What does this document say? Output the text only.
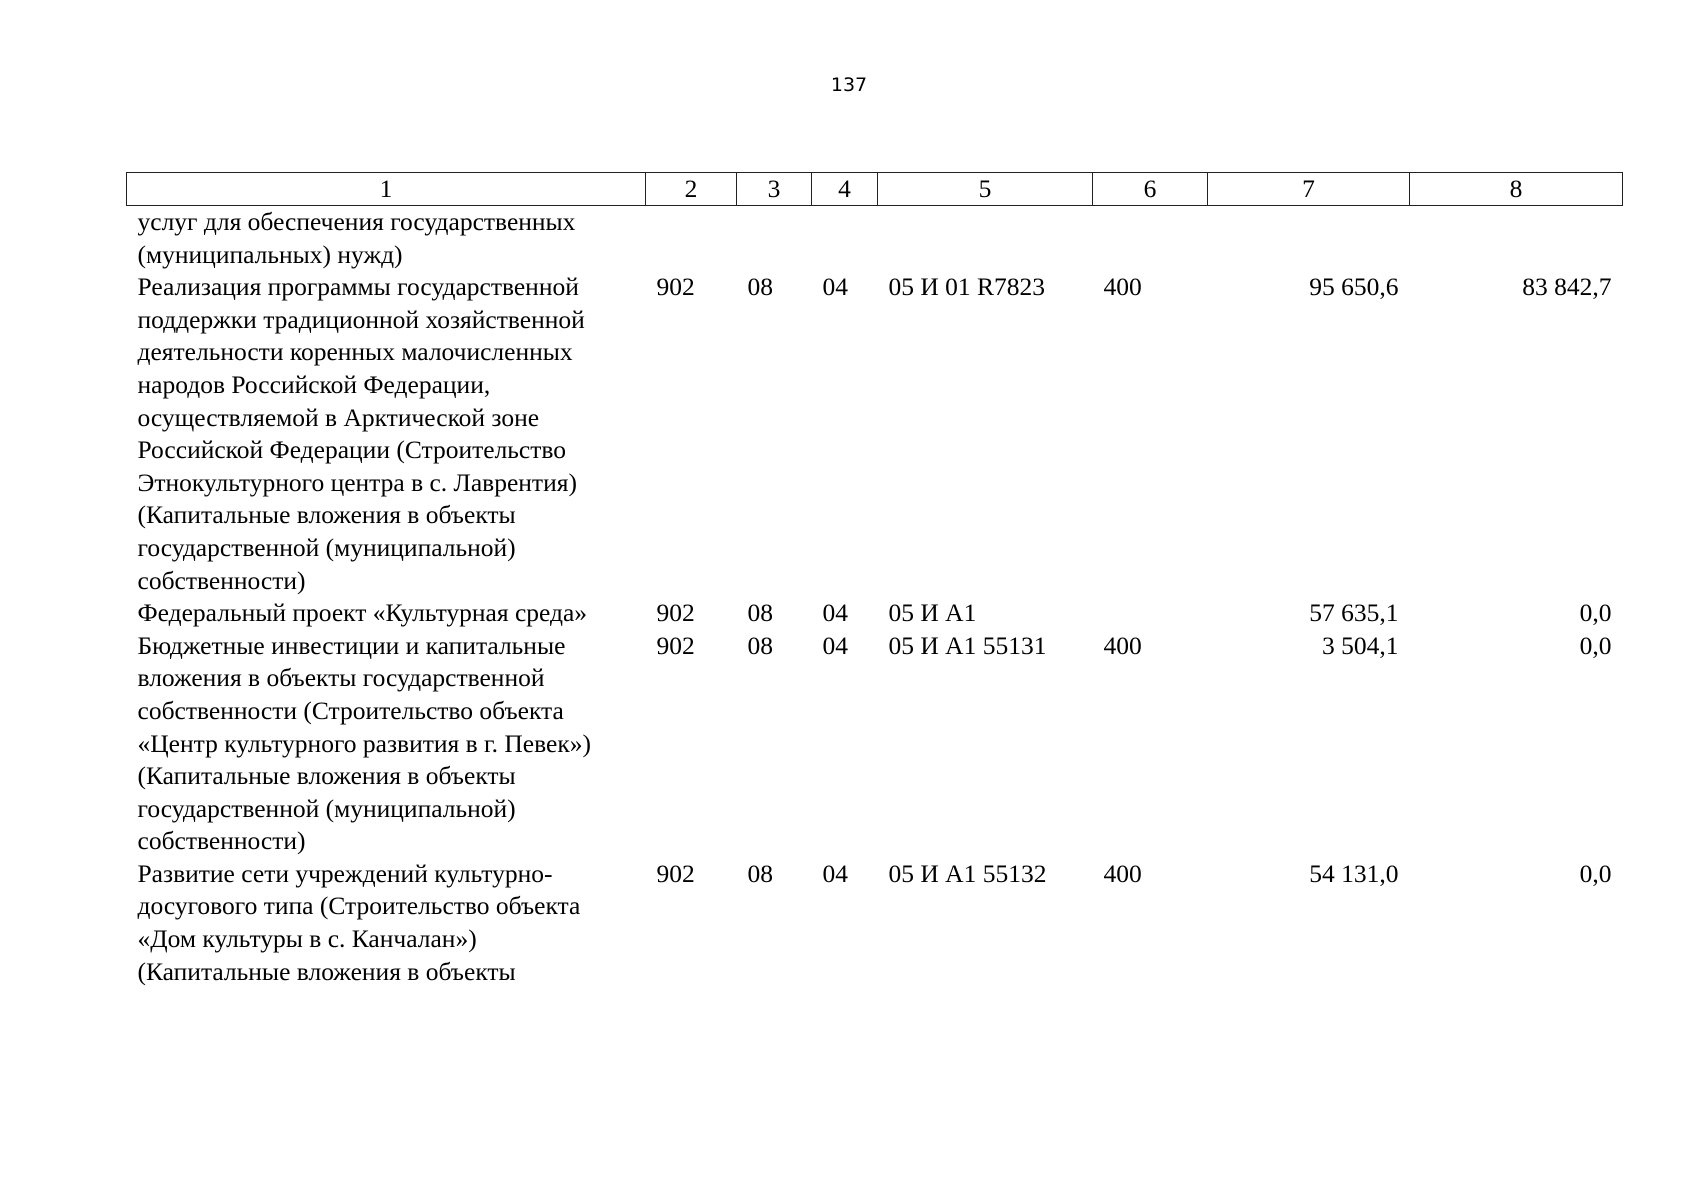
137
1	2	3	4	5	6	7	8
услуг для обеспечения государственных (муниципальных) нужд)							
Реализация программы государственной поддержки традиционной хозяйственной деятельности коренных малочисленных народов Российской Федерации, осуществляемой в Арктической зоне Российской Федерации (Строительство Этнокультурного центра в с. Лаврентия) (Капитальные вложения в объекты государственной (муниципальной) собственности)	902	08	04	05 И 01 R7823	400	95 650,6	83 842,7
Федеральный проект «Культурная среда»	902	08	04	05 И А1		57 635,1	0,0
Бюджетные инвестиции и капитальные вложения в объекты государственной собственности (Строительство объекта «Центр культурного развития в г. Певек») (Капитальные вложения в объекты государственной (муниципальной) собственности)	902	08	04	05 И А1 55131	400	3 504,1	0,0
Развитие сети учреждений культурно-досугового типа (Строительство объекта «Дом культуры в с. Канчалан») (Капитальные вложения в объекты	902	08	04	05 И А1 55132	400	54 131,0	0,0
